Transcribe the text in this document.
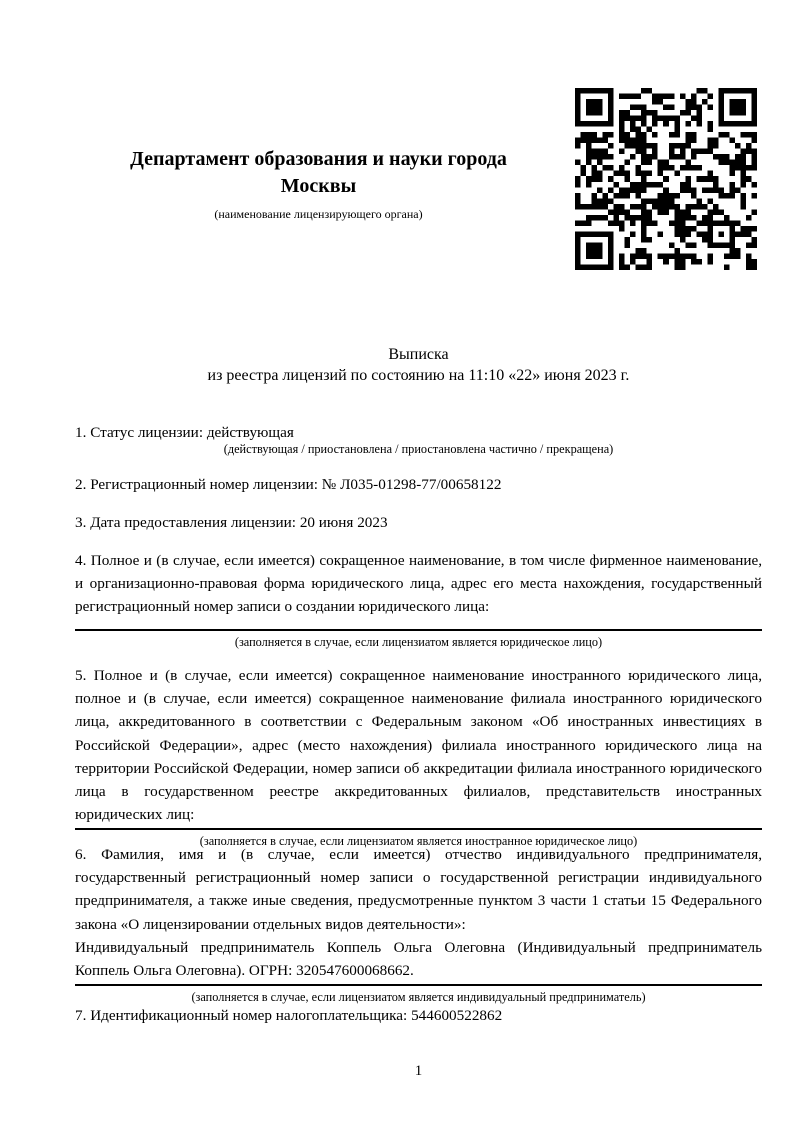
Департамент образования и науки города
Москвы
(наименование лицензирующего органа)
Выписка
из реестра лицензий по состоянию на 11:10 «22» июня 2023 г.
1. Статус лицензии: действующая
(действующая / приостановлена / приостановлена частично / прекращена)
2. Регистрационный номер лицензии: № Л035-01298-77/00658122
3. Дата предоставления лицензии: 20 июня 2023
4. Полное и (в случае, если имеется) сокращенное наименование, в том числе фирменное наименование, и организационно-правовая форма юридического лица, адрес его места нахождения, государственный регистрационный номер записи о создании юридического лица:
(заполняется в случае, если лицензиатом является юридическое лицо)
5. Полное и (в случае, если имеется) сокращенное наименование иностранного юридического лица, полное и (в случае, если имеется) сокращенное наименование филиала иностранного юридического лица, аккредитованного в соответствии с Федеральным законом «Об иностранных инвестициях в Российской Федерации», адрес (место нахождения) филиала иностранного юридического лица на территории Российской Федерации, номер записи об аккредитации филиала иностранного юридического лица в государственном реестре аккредитованных филиалов, представительств иностранных юридических лиц:
(заполняется в случае, если лицензиатом является иностранное юридическое лицо)
6. Фамилия, имя и (в случае, если имеется) отчество индивидуального предпринимателя, государственный регистрационный номер записи о государственной регистрации индивидуального предпринимателя, а также иные сведения, предусмотренные пунктом 3 части 1 статьи 15 Федерального закона «О лицензировании отдельных видов деятельности»:
Индивидуальный предприниматель Коппель Ольга Олеговна (Индивидуальный предприниматель Коппель Ольга Олеговна). ОГРН: 320547600068662.
(заполняется в случае, если лицензиатом является индивидуальный предприниматель)
7. Идентификационный номер налогоплательщика: 544600522862
1
